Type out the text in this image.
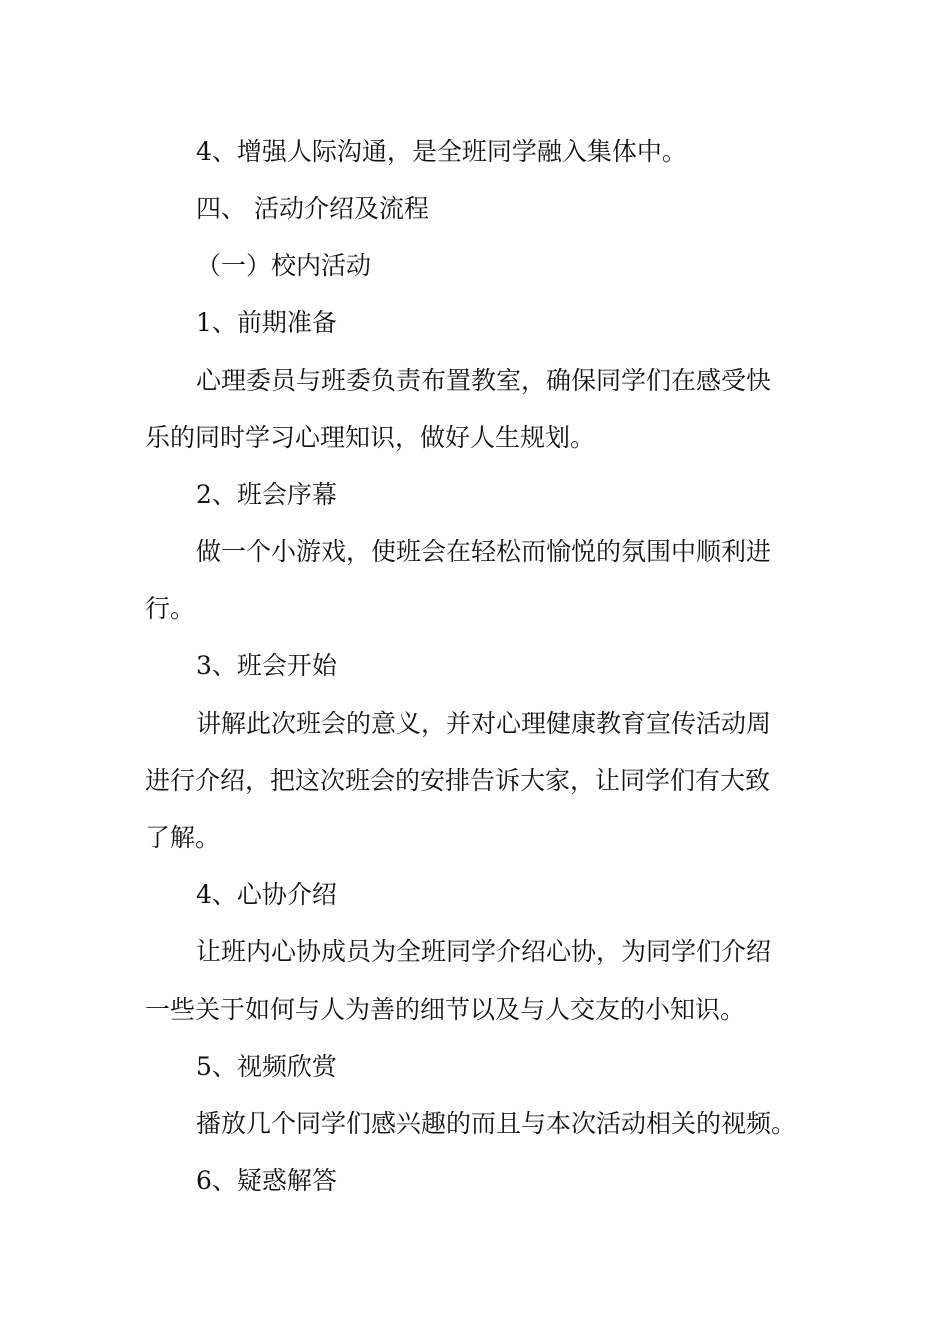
4、增强人际沟通，是全班同学融入集体中。

四、 活动介绍及流程

（一）校内活动

1、前期准备

心理委员与班委负责布置教室，确保同学们在感受快

乐的同时学习心理知识，做好人生规划。

2、班会序幕

做一个小游戏，使班会在轻松而愉悦的氛围中顺利进

行。

3、班会开始

讲解此次班会的意义，并对心理健康教育宣传活动周

进行介绍，把这次班会的安排告诉大家，让同学们有大致

了解。

4、心协介绍

让班内心协成员为全班同学介绍心协，为同学们介绍

一些关于如何与人为善的细节以及与人交友的小知识。

5、视频欣赏

播放几个同学们感兴趣的而且与本次活动相关的视频。

6、疑惑解答
